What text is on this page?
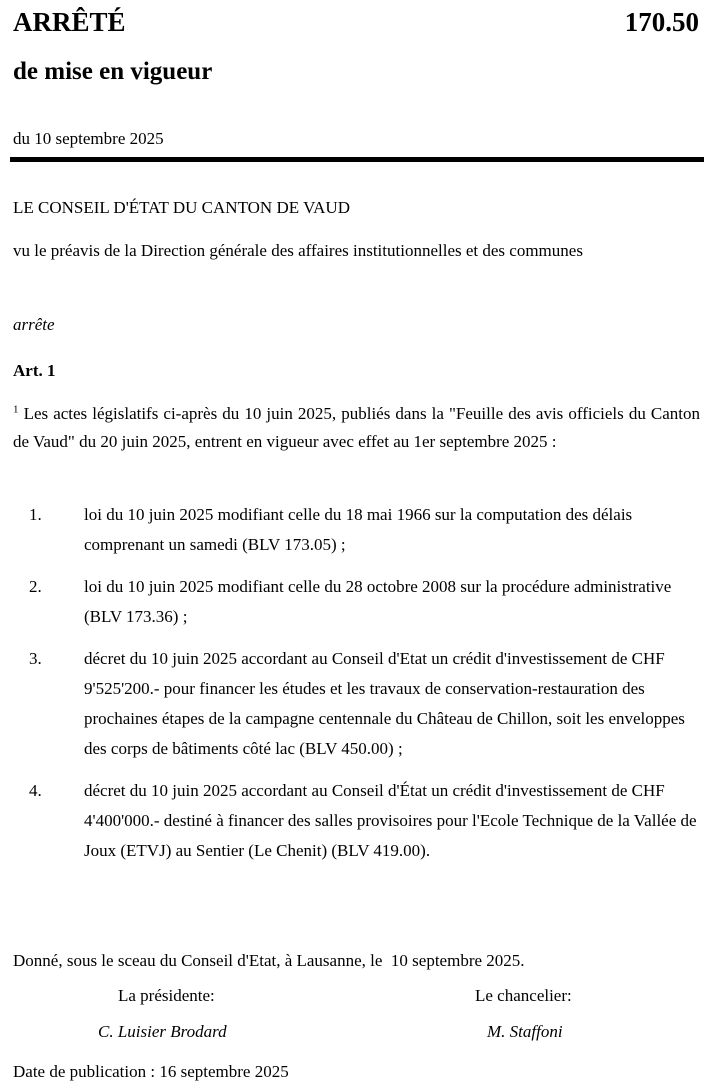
ARRÊTÉ	170.50
de mise en vigueur
du 10 septembre 2025
LE CONSEIL D'ÉTAT DU CANTON DE VAUD
vu le préavis de la Direction générale des affaires institutionnelles et des communes
arrête
Art. 1
$^1$ Les actes législatifs ci-après du 10 juin 2025, publiés dans la "Feuille des avis officiels du Canton de Vaud" du 20 juin 2025, entrent en vigueur avec effet au 1er septembre 2025 :
1. loi du 10 juin 2025 modifiant celle du 18 mai 1966 sur la computation des délais comprenant un samedi (BLV 173.05) ;
2. loi du 10 juin 2025 modifiant celle du 28 octobre 2008 sur la procédure administrative (BLV 173.36) ;
3. décret du 10 juin 2025 accordant au Conseil d'Etat un crédit d'investissement de CHF 9'525'200.- pour financer les études et les travaux de conservation-restauration des prochaines étapes de la campagne centennale du Château de Chillon, soit les enveloppes des corps de bâtiments côté lac (BLV 450.00) ;
4. décret du 10 juin 2025 accordant au Conseil d'État un crédit d'investissement de CHF 4'400'000.- destiné à financer des salles provisoires pour l'Ecole Technique de la Vallée de Joux (ETVJ) au Sentier (Le Chenit) (BLV 419.00).
Donné, sous le sceau du Conseil d'Etat, à Lausanne, le  10 septembre 2025.
La présidente:	Le chancelier:
C. Luisier Brodard	M. Staffoni
Date de publication : 16 septembre 2025
